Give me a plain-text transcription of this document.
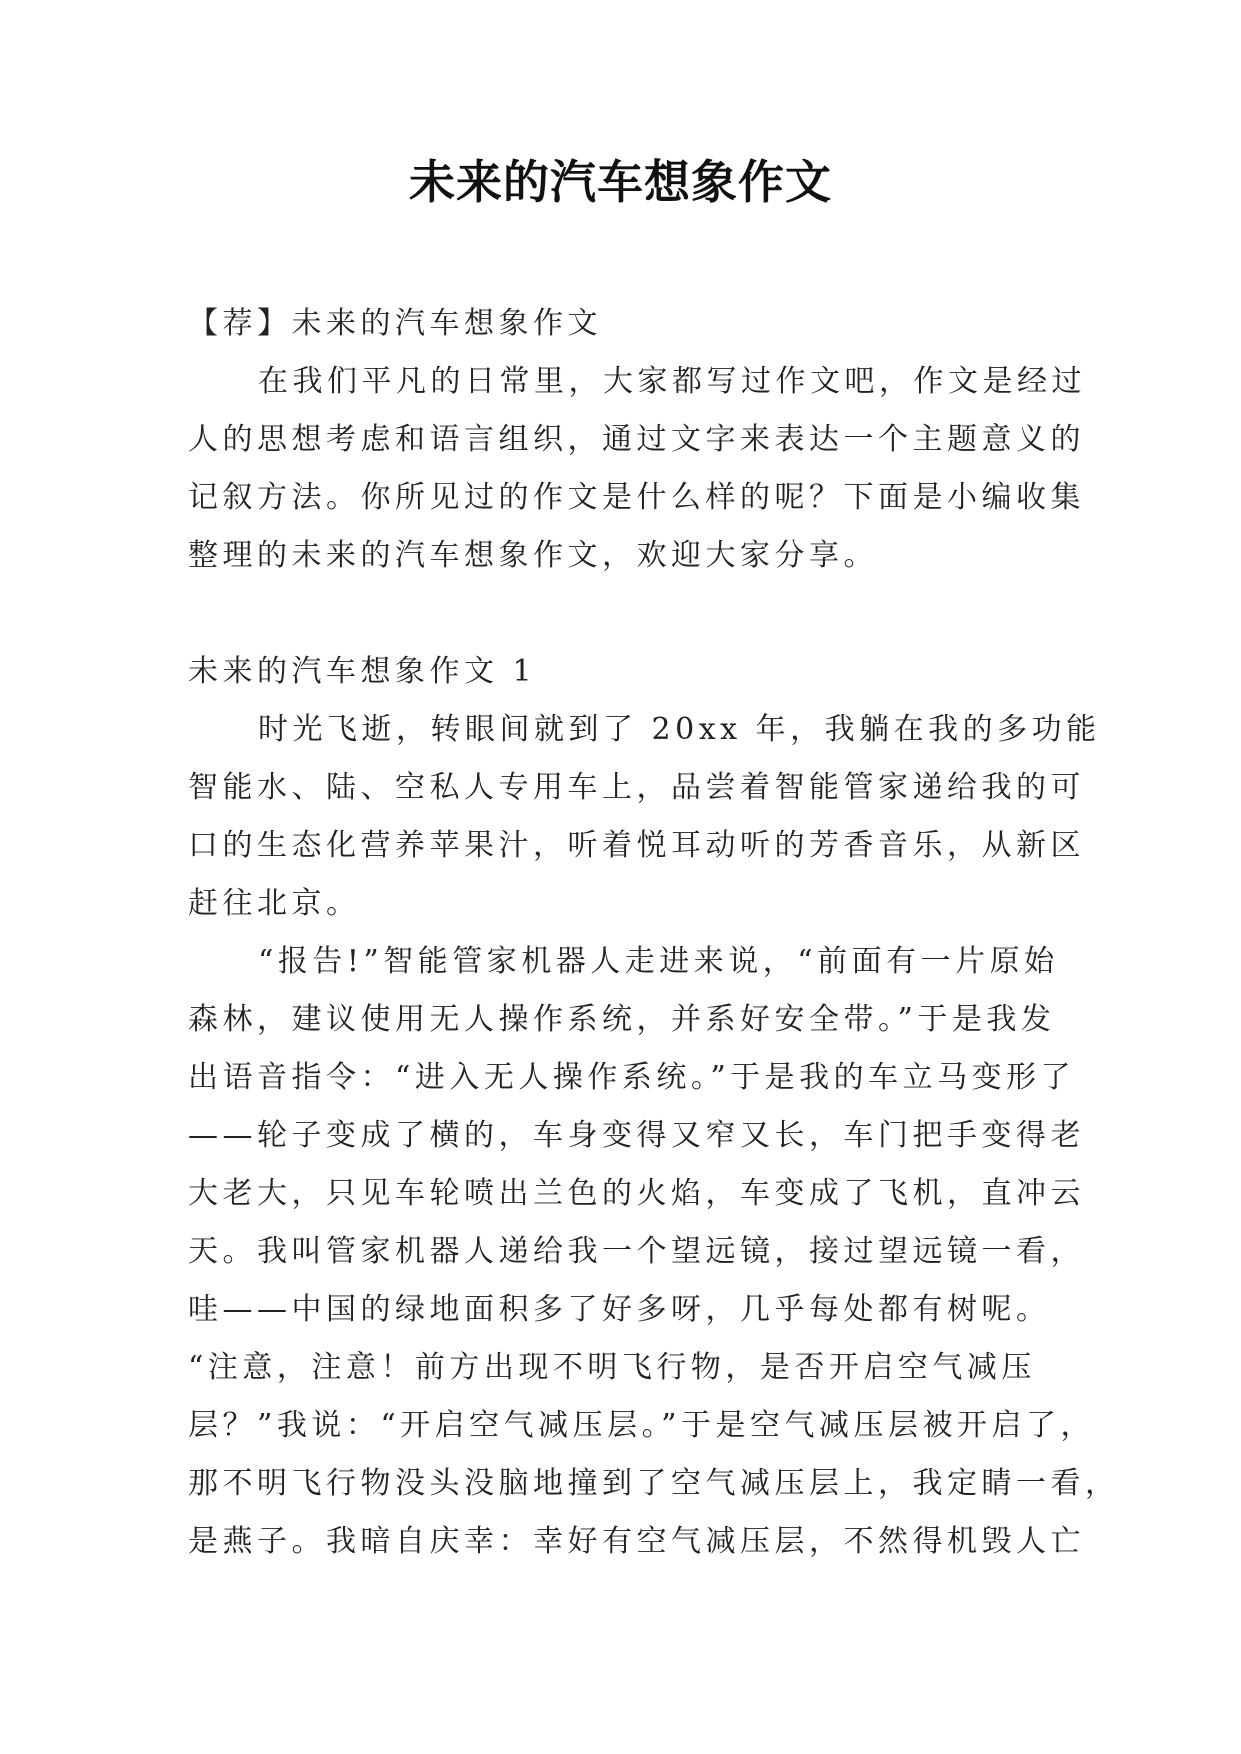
未来的汽车想象作文
【荐】未来的汽车想象作文
在我们平凡的日常里，大家都写过作文吧，作文是经过
人的思想考虑和语言组织，通过文字来表达一个主题意义的
记叙方法。你所见过的作文是什么样的呢？下面是小编收集
整理的未来的汽车想象作文，欢迎大家分享。
未来的汽车想象作文 1
时光飞逝，转眼间就到了 20xx 年，我躺在我的多功能
智能水、陆、空私人专用车上，品尝着智能管家递给我的可
口的生态化营养苹果汁，听着悦耳动听的芳香音乐，从新区
赶往北京。
“报告!”智能管家机器人走进来说，“前面有一片原始
森林，建议使用无人操作系统，并系好安全带。”于是我发
出语音指令：“进入无人操作系统。”于是我的车立马变形了
——轮子变成了横的，车身变得又窄又长，车门把手变得老
大老大，只见车轮喷出兰色的火焰，车变成了飞机，直冲云
天。我叫管家机器人递给我一个望远镜，接过望远镜一看，
哇——中国的绿地面积多了好多呀，几乎每处都有树呢。
“注意，注意！前方出现不明飞行物，是否开启空气减压
层？”我说：“开启空气减压层。”于是空气减压层被开启了，
那不明飞行物没头没脑地撞到了空气减压层上，我定睛一看，
是燕子。我暗自庆幸：幸好有空气减压层，不然得机毁人亡
